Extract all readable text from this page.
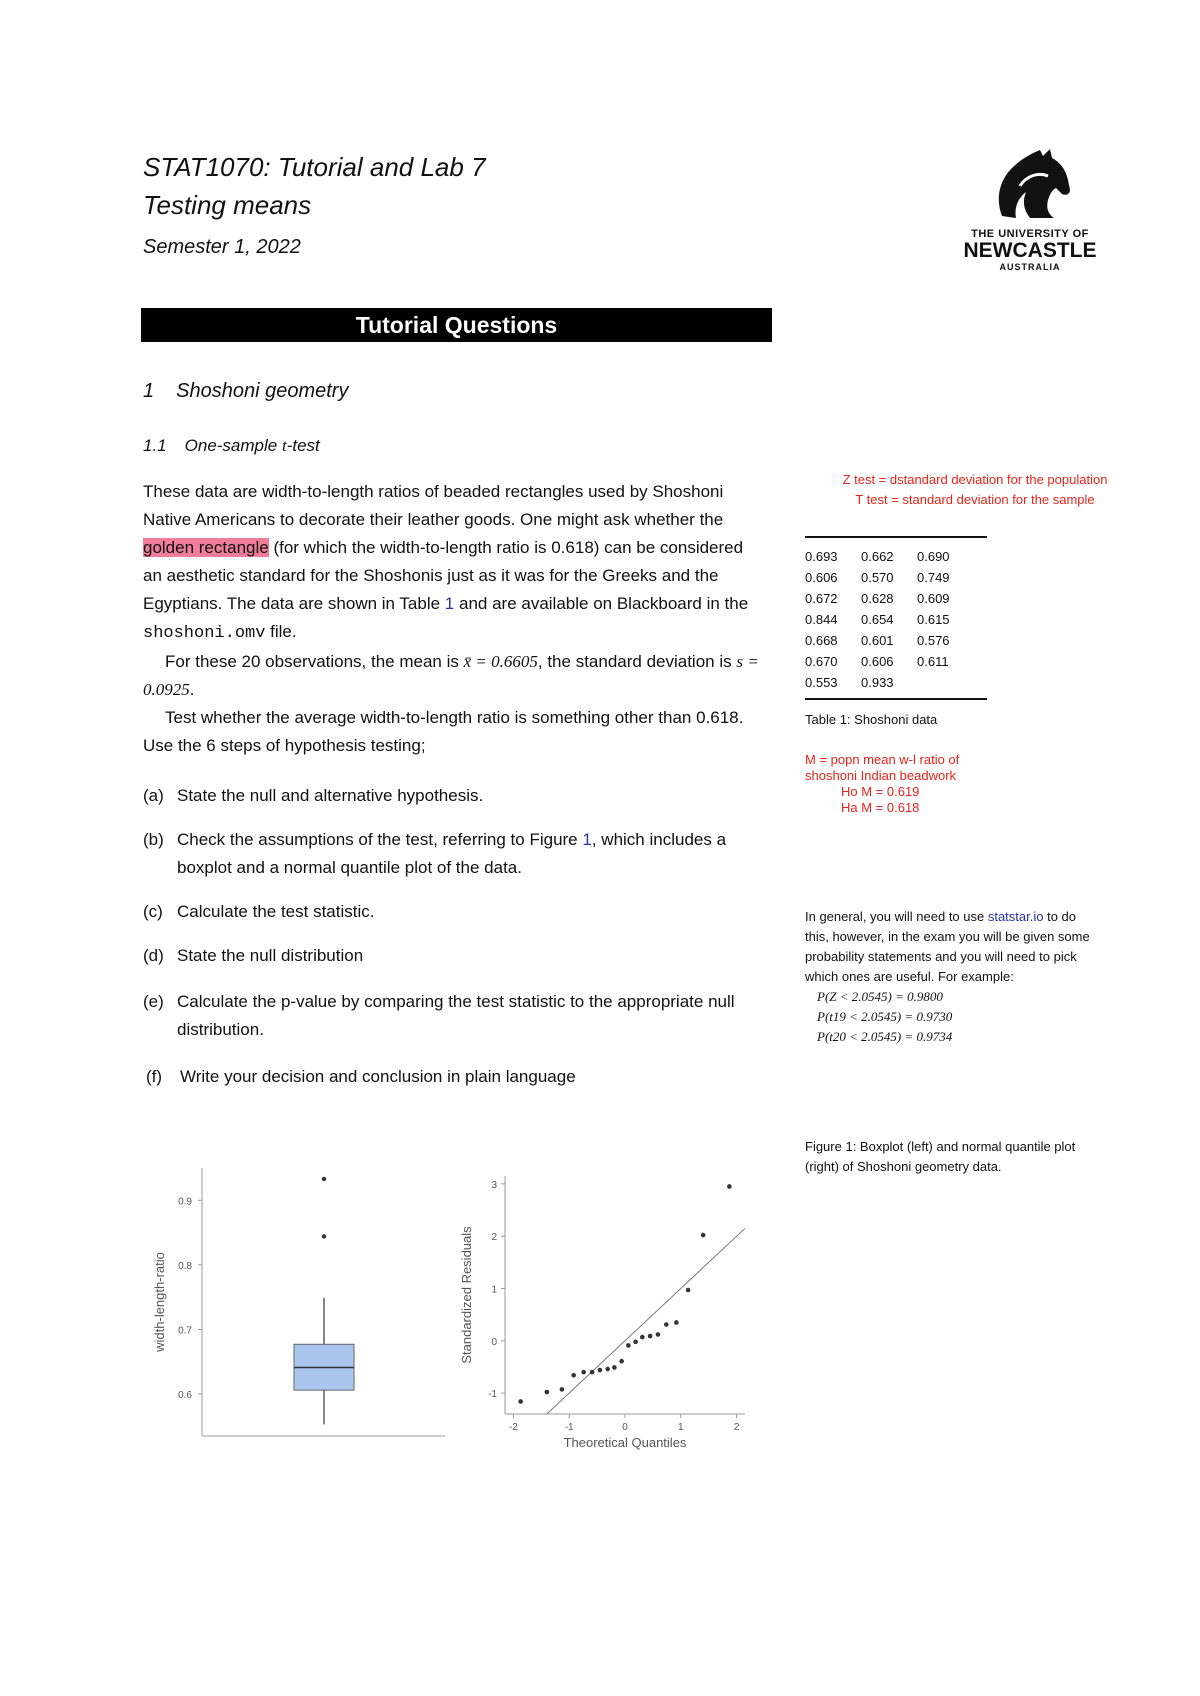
STAT1070: Tutorial and Lab 7
Testing means
Semester 1, 2022
THE UNIVERSITY OF
NEWCASTLE
AUSTRALIA
Tutorial Questions
1 Shoshoni geometry
1.1 One-sample t-test
These data are width-to-length ratios of beaded rectangles used by Shoshoni Native Americans to decorate their leather goods. One might ask whether the golden rectangle (for which the width-to-length ratio is 0.618) can be considered an aesthetic standard for the Shoshonis just as it was for the Greeks and the Egyptians. The data are shown in Table 1 and are available on Blackboard in the shoshoni.omv file.
For these 20 observations, the mean is x̄ = 0.6605, the standard deviation is s = 0.0925.
Test whether the average width-to-length ratio is something other than 0.618. Use the 6 steps of hypothesis testing;
(a) State the null and alternative hypothesis.
(b) Check the assumptions of the test, referring to Figure 1, which includes a boxplot and a normal quantile plot of the data.
(c) Calculate the test statistic.
(d) State the null distribution
(e) Calculate the p-value by comparing the test statistic to the appropriate null distribution.
(f) Write your decision and conclusion in plain language
Z test = dstandard deviation for the population
T test = standard deviation for the sample
0.693	0.662	0.690
0.606	0.570	0.749
0.672	0.628	0.609
0.844	0.654	0.615
0.668	0.601	0.576
0.670	0.606	0.611
0.553	0.933	
Table 1: Shoshoni data
M = popn mean w-l ratio of
shoshoni Indian beadwork
Ho M = 0.619
Ha M = 0.618
In general, you will need to use statstar.io to do this, however, in the exam you will be given some probability statements and you will need to pick which ones are useful. For example:
P(Z < 2.0545) = 0.9800
P(t19 < 2.0545) = 0.9730
P(t20 < 2.0545) = 0.9734
Figure 1: Boxplot (left) and normal quantile plot (right) of Shoshoni geometry data.
0.6
0.7
0.8
0.9
width-length-ratio
-1
0
1
2
3
-2	-1	0	1	2
Theoretical Quantiles
Standardized Residuals
